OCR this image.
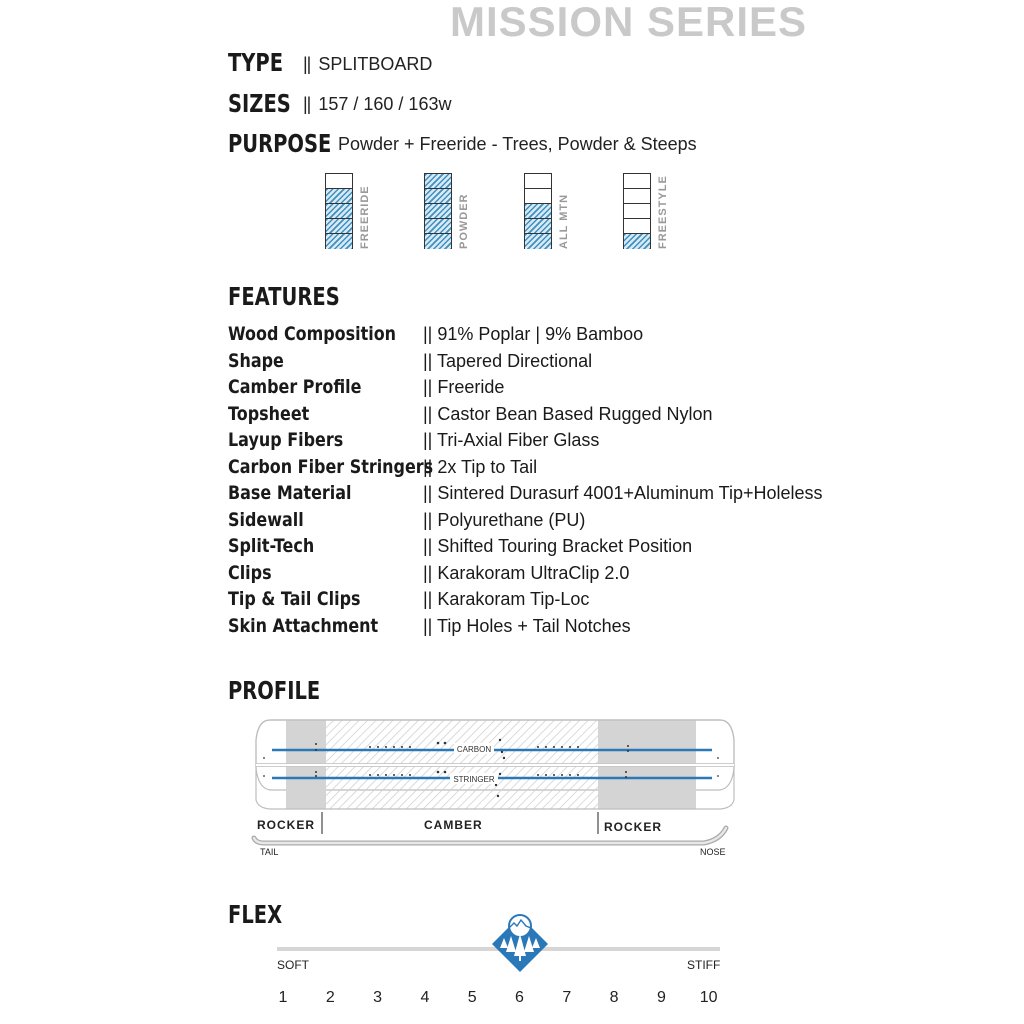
MISSION SERIES
TYPE	|| SPLITBOARD
SIZES	|| 157 / 160 / 163w
PURPOSE Powder + Freeride - Trees, Powder & Steeps
FREERIDE	POWDER	ALL MTN	FREESTYLE
FEATURES
Wood Composition || 91% Poplar | 9% Bamboo
Shape	|| Tapered Directional
Camber Profile	|| Freeride
Topsheet	|| Castor Bean Based Rugged Nylon
Layup Fibers	|| Tri-Axial Fiber Glass
Carbon Fiber Stringers
|| 2x Tip to Tail
Base Material	|| Sintered Durasurf 4001+Aluminum Tip+Holeless
Sidewall	|| Polyurethane (PU)
Split-Tech	|| Shifted Touring Bracket Position
Clips	|| Karakoram UltraClip 2.0
Tip & Tail Clips	|| Karakoram Tip-Loc
Skin Attachment || Tip Holes + Tail Notches
PROFILE
CARBON
STRINGER
ROCKER	CAMBER	ROCKER
TAIL	NOSE
FLEX
SOFT	STIFF
1	2	3	4	5	6	7	8	9	10
